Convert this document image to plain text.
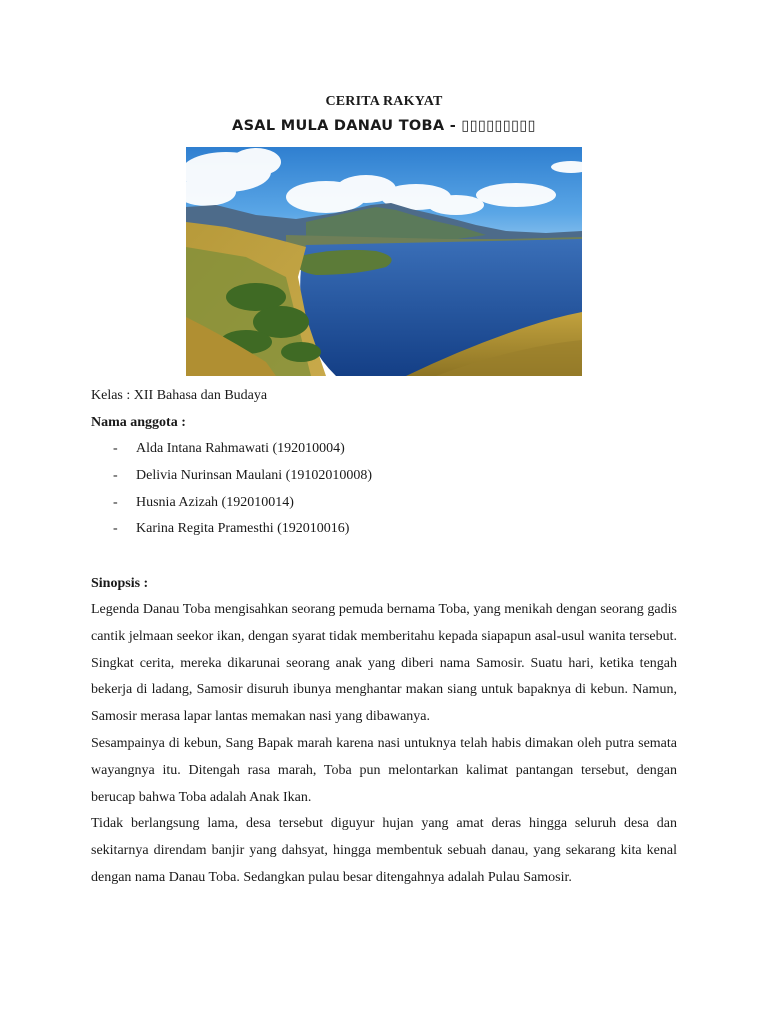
CERITA RAKYAT
ASAL MULA DANAU TOBA - ▯▯▯▯▯▯▯▯▯
Kelas : XII Bahasa dan Budaya
Nama anggota :
- Alda Intana Rahmawati (192010004)
- Delivia Nurinsan Maulani (19102010008)
- Husnia Azizah (192010014)
- Karina Regita Pramesthi (192010016)
Sinopsis :

Legenda Danau Toba mengisahkan seorang pemuda bernama Toba, yang menikah dengan seorang gadis cantik jelmaan seekor ikan, dengan syarat tidak memberitahu kepada siapapun asal-usul wanita tersebut. Singkat cerita, mereka dikarunai seorang anak yang diberi nama Samosir. Suatu hari, ketika tengah bekerja di ladang, Samosir disuruh ibunya menghantar makan siang untuk bapaknya di kebun. Namun, Samosir merasa lapar lantas memakan nasi yang dibawanya.

Sesampainya di kebun, Sang Bapak marah karena nasi untuknya telah habis dimakan oleh putra semata wayangnya itu. Ditengah rasa marah, Toba pun melontarkan kalimat pantangan tersebut, dengan berucap bahwa Toba adalah Anak Ikan.

Tidak berlangsung lama, desa tersebut diguyur hujan yang amat deras hingga seluruh desa dan sekitarnya direndam banjir yang dahsyat, hingga membentuk sebuah danau, yang sekarang kita kenal dengan nama Danau Toba. Sedangkan pulau besar ditengahnya adalah Pulau Samosir.
